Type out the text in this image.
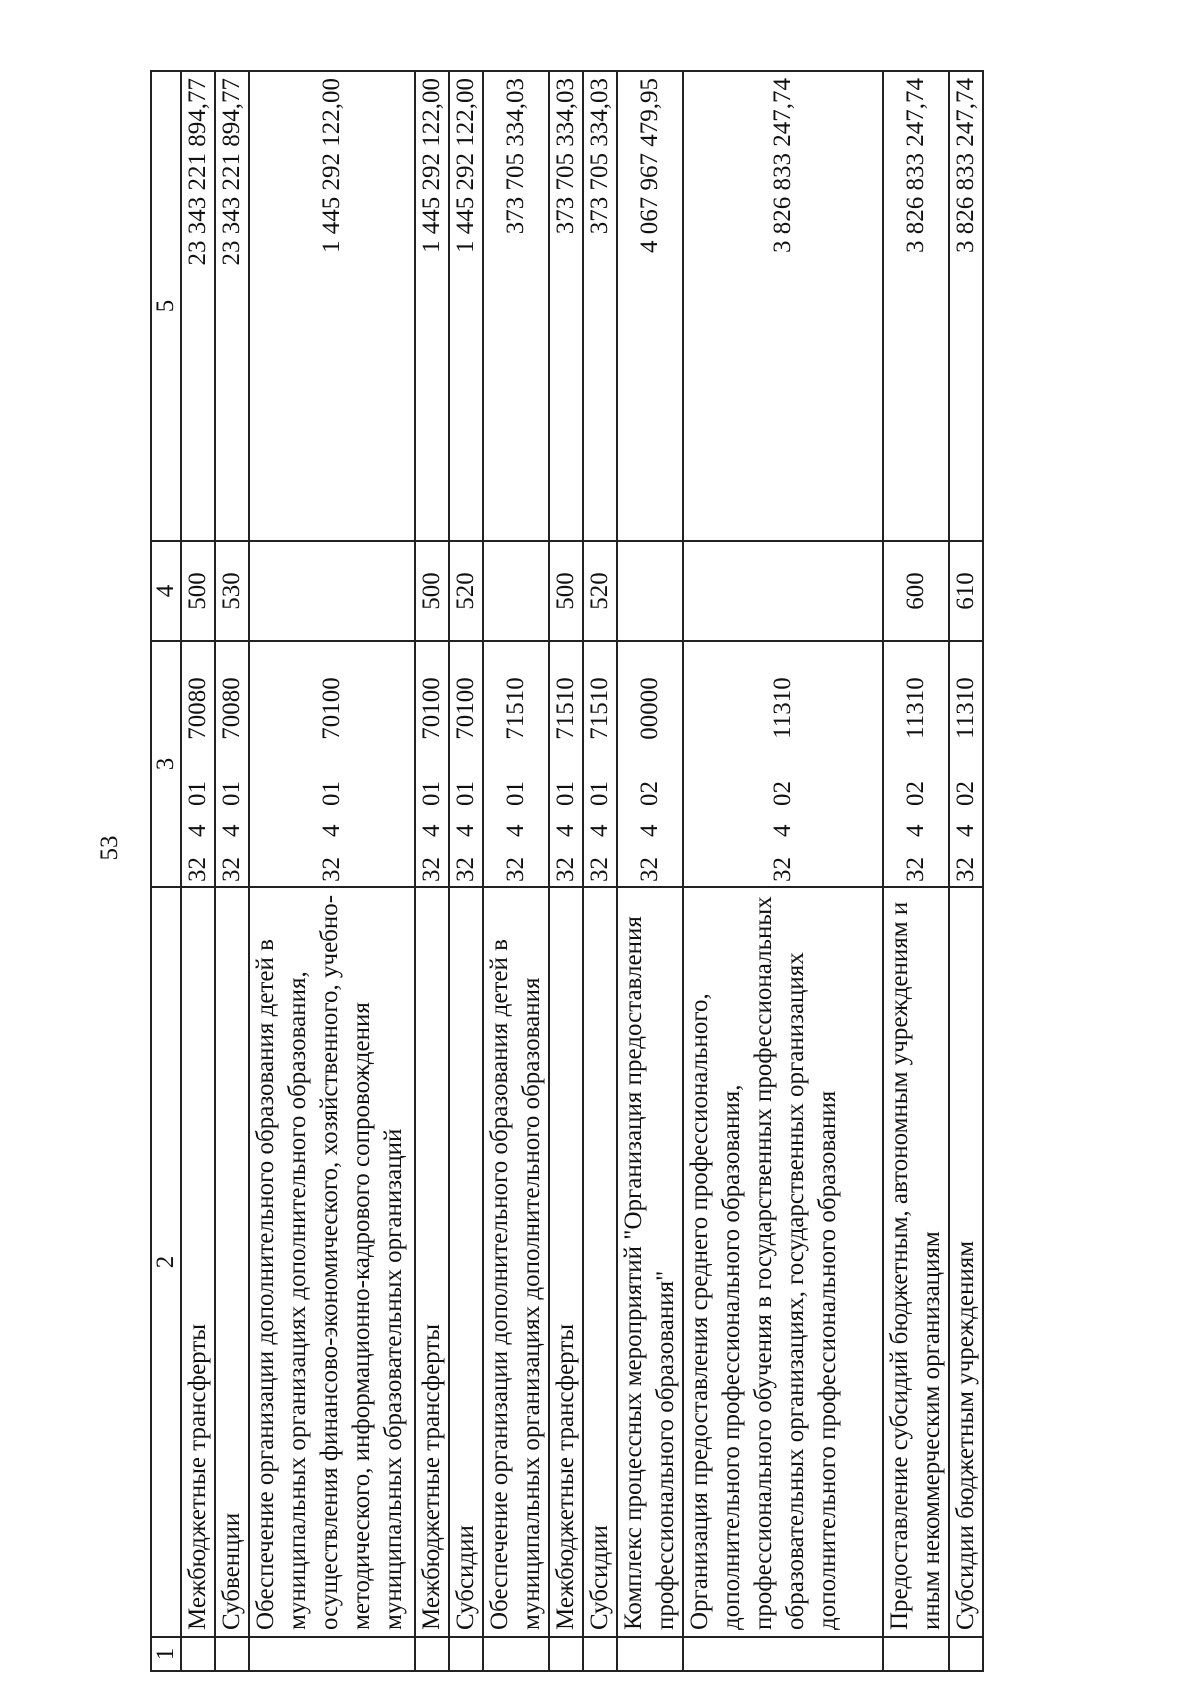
53
1	2	3	4	5
	Межбюджетные трансферты	32 4 01 70080	500	23 343 221 894,77
	Субвенции	32 4 01 70080	530	23 343 221 894,77
	Обеспечение организации дополнительного образования детей в муниципальных организациях дополнительного образования, осуществления финансово-экономического, хозяйственного, учебно-методического, информационно-кадрового сопровождения муниципальных образовательных организаций	32 4 01 70100		1 445 292 122,00
	Межбюджетные трансферты	32 4 01 70100	500	1 445 292 122,00
	Субсидии	32 4 01 70100	520	1 445 292 122,00
	Обеспечение организации дополнительного образования детей в муниципальных организациях дополнительного образования	32 4 01 71510		373 705 334,03
	Межбюджетные трансферты	32 4 01 71510	500	373 705 334,03
	Субсидии	32 4 01 71510	520	373 705 334,03
	Комплекс процессных мероприятий "Организация предоставления профессионального образования"	32 4 02 00000		4 067 967 479,95
	Организация предоставления среднего профессионального, дополнительного профессионального образования, профессионального обучения в государственных профессиональных образовательных организациях, государственных организациях дополнительного профессионального образования	32 4 02 11310		3 826 833 247,74
	Предоставление субсидий бюджетным, автономным учреждениям и иным некоммерческим организациям	32 4 02 11310	600	3 826 833 247,74
	Субсидии бюджетным учреждениям	32 4 02 11310	610	3 826 833 247,74
